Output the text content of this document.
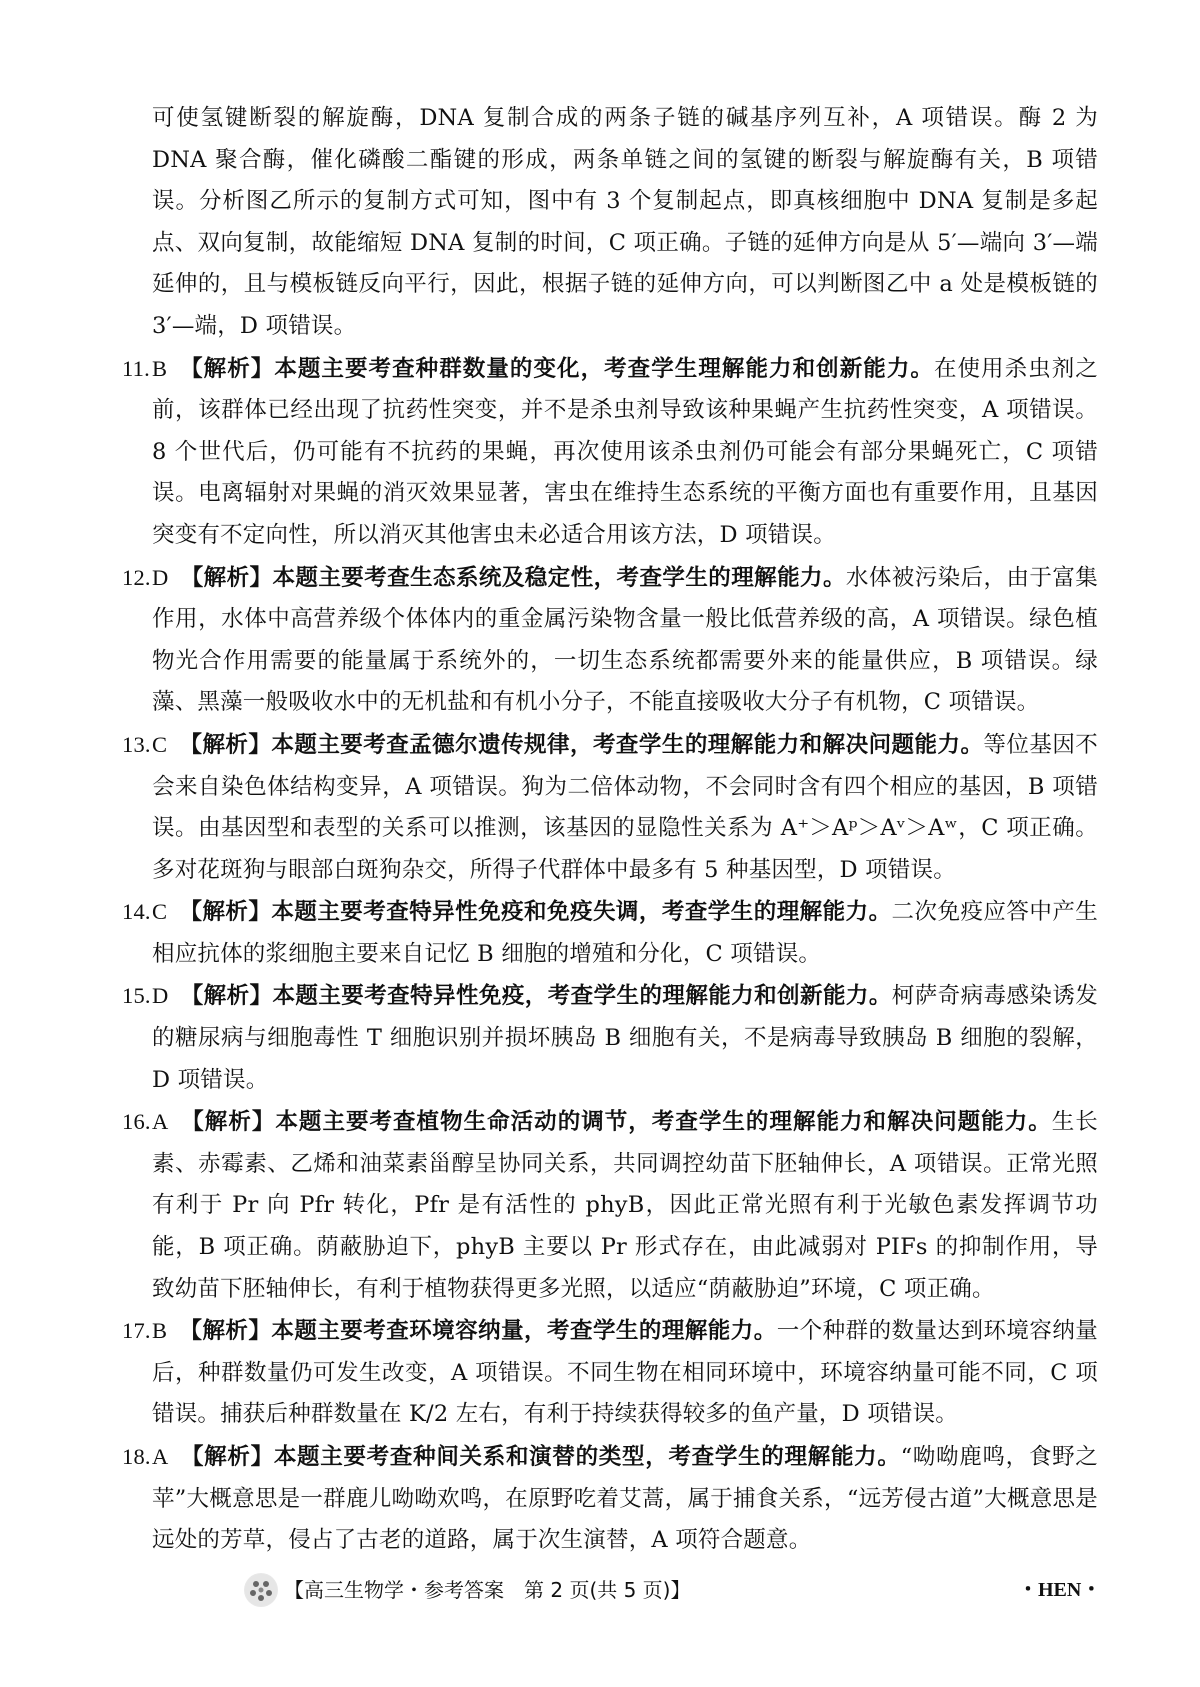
可使氢键断裂的解旋酶，DNA 复制合成的两条子链的碱基序列互补，A 项错误。酶 2 为 DNA 聚合酶，催化磷酸二酯键的形成，两条单链之间的氢键的断裂与解旋酶有关，B 项错误。分析图乙所示的复制方式可知，图中有 3 个复制起点，即真核细胞中 DNA 复制是多起点、双向复制，故能缩短 DNA 复制的时间，C 项正确。子链的延伸方向是从 5′—端向 3′—端延伸的，且与模板链反向平行，因此，根据子链的延伸方向，可以判断图乙中 a 处是模板链的3′—端，D 项错误。

11. B 【解析】本题主要考查种群数量的变化，考查学生理解能力和创新能力。在使用杀虫剂之前，该群体已经出现了抗药性突变，并不是杀虫剂导致该种果蝇产生抗药性突变，A 项错误。8 个世代后，仍可能有不抗药的果蝇，再次使用该杀虫剂仍可能会有部分果蝇死亡，C 项错误。电离辐射对果蝇的消灭效果显著，害虫在维持生态系统的平衡方面也有重要作用，且基因突变有不定向性，所以消灭其他害虫未必适合用该方法，D 项错误。

12. D 【解析】本题主要考查生态系统及稳定性，考查学生的理解能力。水体被污染后，由于富集作用，水体中高营养级个体体内的重金属污染物含量一般比低营养级的高，A 项错误。绿色植物光合作用需要的能量属于系统外的，一切生态系统都需要外来的能量供应，B 项错误。绿藻、黑藻一般吸收水中的无机盐和有机小分子，不能直接吸收大分子有机物，C 项错误。

13. C 【解析】本题主要考查孟德尔遗传规律，考查学生的理解能力和解决问题能力。等位基因不会来自染色体结构变异，A 项错误。狗为二倍体动物，不会同时含有四个相应的基因，B 项错误。由基因型和表型的关系可以推测，该基因的显隐性关系为 A⁺＞Aᵖ＞Aᵛ＞Aʷ，C 项正确。多对花斑狗与眼部白斑狗杂交，所得子代群体中最多有 5 种基因型，D 项错误。

14. C 【解析】本题主要考查特异性免疫和免疫失调，考查学生的理解能力。二次免疫应答中产生相应抗体的浆细胞主要来自记忆 B 细胞的增殖和分化，C 项错误。

15. D 【解析】本题主要考查特异性免疫，考查学生的理解能力和创新能力。柯萨奇病毒感染诱发的糖尿病与细胞毒性 T 细胞识别并损坏胰岛 B 细胞有关，不是病毒导致胰岛 B 细胞的裂解，D 项错误。

16. A 【解析】本题主要考查植物生命活动的调节，考查学生的理解能力和解决问题能力。生长素、赤霉素、乙烯和油菜素甾醇呈协同关系，共同调控幼苗下胚轴伸长，A 项错误。正常光照有利于 Pr 向 Pfr 转化，Pfr 是有活性的 phyB，因此正常光照有利于光敏色素发挥调节功能，B 项正确。荫蔽胁迫下，phyB 主要以 Pr 形式存在，由此减弱对 PIFs 的抑制作用，导致幼苗下胚轴伸长，有利于植物获得更多光照，以适应“荫蔽胁迫”环境，C 项正确。

17. B 【解析】本题主要考查环境容纳量，考查学生的理解能力。一个种群的数量达到环境容纳量后，种群数量仍可发生改变，A 项错误。不同生物在相同环境中，环境容纳量可能不同，C 项错误。捕获后种群数量在 K/2 左右，有利于持续获得较多的鱼产量，D 项错误。

18. A 【解析】本题主要考查种间关系和演替的类型，考查学生的理解能力。“呦呦鹿鸣，食野之苹”大概意思是一群鹿儿呦呦欢鸣，在原野吃着艾蒿，属于捕食关系，“远芳侵古道”大概意思是远处的芳草，侵占了古老的道路，属于次生演替，A 项符合题意。

【高三生物学・参考答案　第 2 页(共 5 页)】	・HEN・
